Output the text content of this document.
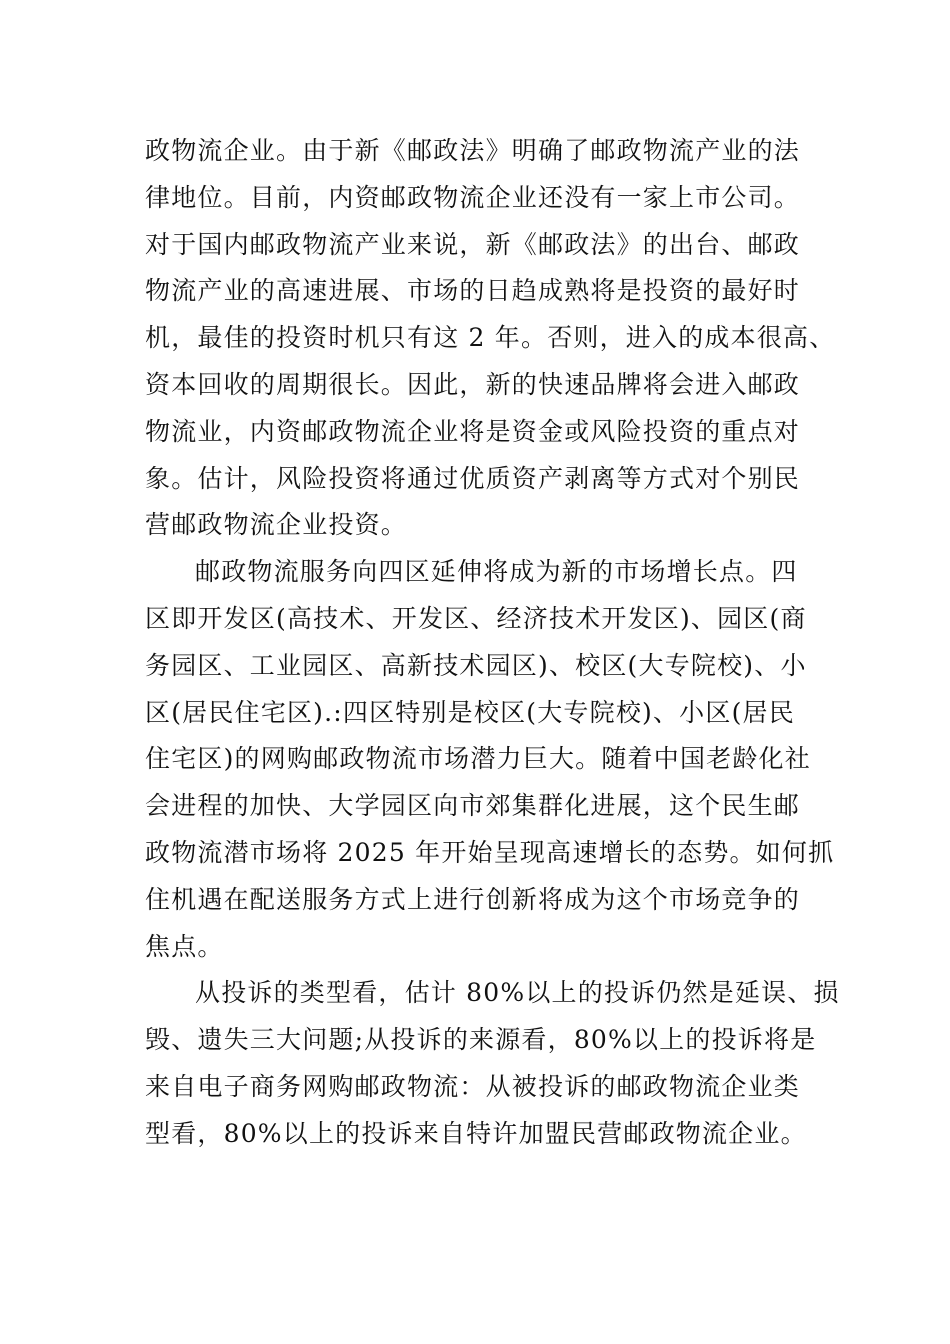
政物流企业。由于新《邮政法》明确了邮政物流产业的法
律地位。目前，内资邮政物流企业还没有一家上市公司。
对于国内邮政物流产业来说，新《邮政法》的出台、邮政
物流产业的高速进展、市场的日趋成熟将是投资的最好时
机，最佳的投资时机只有这 2 年。否则，进入的成本很高、
资本回收的周期很长。因此，新的快速品牌将会进入邮政
物流业，内资邮政物流企业将是资金或风险投资的重点对
象。估计，风险投资将通过优质资产剥离等方式对个别民
营邮政物流企业投资。
邮政物流服务向四区延伸将成为新的市场增长点。四
区即开发区(高技术、开发区、经济技术开发区)、园区(商
务园区、工业园区、高新技术园区)、校区(大专院校)、小
区(居民住宅区).:四区特别是校区(大专院校)、小区(居民
住宅区)的网购邮政物流市场潜力巨大。随着中国老龄化社
会进程的加快、大学园区向市郊集群化进展，这个民生邮
政物流潜市场将 2025 年开始呈现高速增长的态势。如何抓
住机遇在配送服务方式上进行创新将成为这个市场竞争的
焦点。
从投诉的类型看，估计 80%以上的投诉仍然是延误、损
毁、遗失三大问题;从投诉的来源看，80%以上的投诉将是
来自电子商务网购邮政物流：从被投诉的邮政物流企业类
型看，80%以上的投诉来自特许加盟民营邮政物流企业。
